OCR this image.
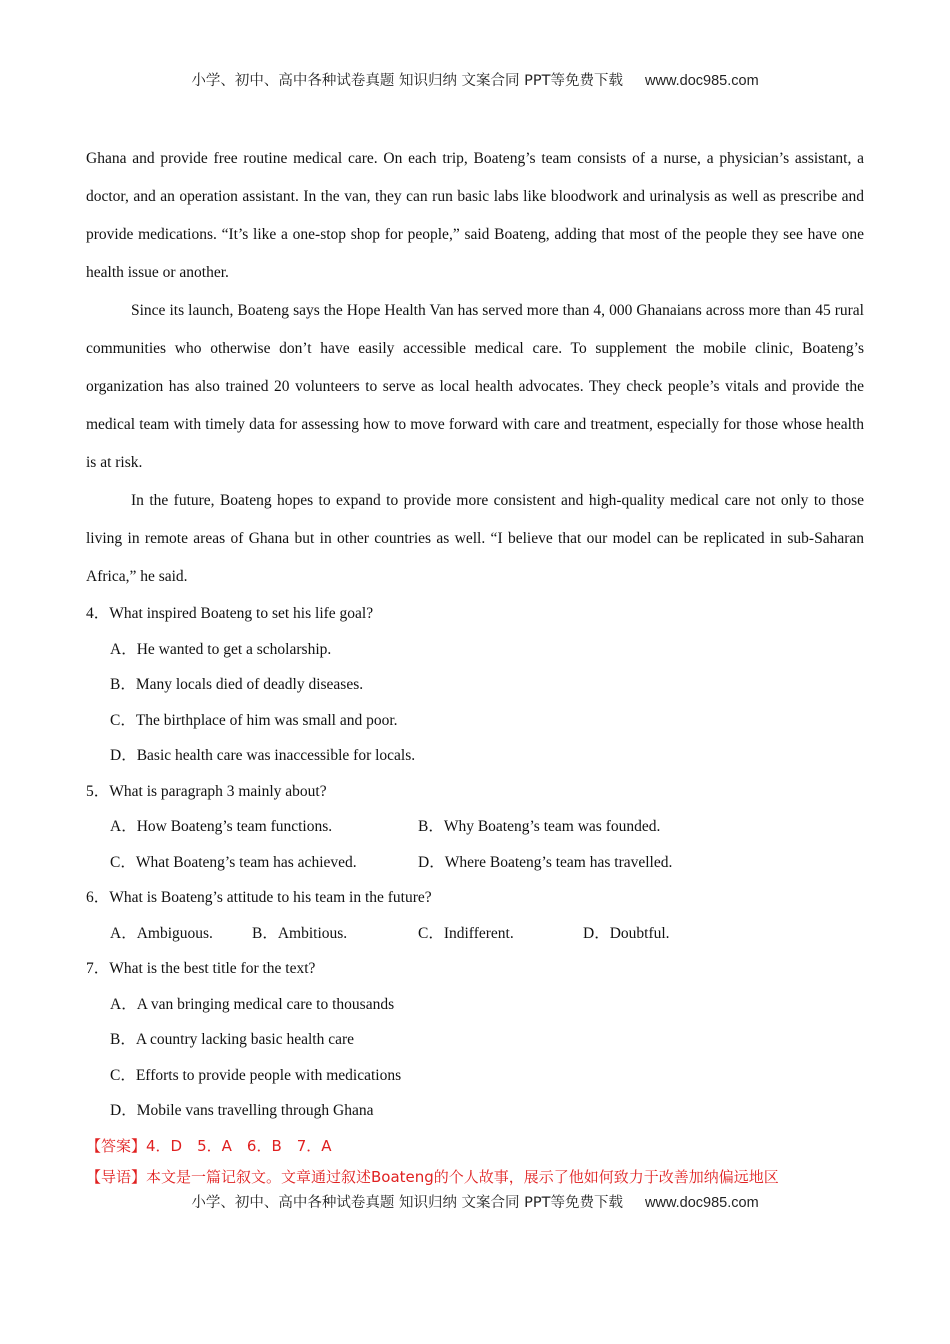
小学、初中、高中各种试卷真题 知识归纳 文案合同 PPT等免费下载 www.doc985.com

Ghana and provide free routine medical care. On each trip, Boateng’s team consists of a nurse, a physician’s assistant, a doctor, and an operation assistant. In the van, they can run basic labs like bloodwork and urinalysis as well as prescribe and provide medications. “It’s like a one-stop shop for people,” said Boateng, adding that most of the people they see have one health issue or another.

Since its launch, Boateng says the Hope Health Van has served more than 4, 000 Ghanaians across more than 45 rural communities who otherwise don’t have easily accessible medical care. To supplement the mobile clinic, Boateng’s organization has also trained 20 volunteers to serve as local health advocates. They check people’s vitals and provide the medical team with timely data for assessing how to move forward with care and treatment, especially for those whose health is at risk.

In the future, Boateng hopes to expand to provide more consistent and high-quality medical care not only to those living in remote areas of Ghana but in other countries as well. “I believe that our model can be replicated in sub-Saharan Africa,” he said.

4．What inspired Boateng to set his life goal?
A．He wanted to get a scholarship.
B．Many locals died of deadly diseases.
C．The birthplace of him was small and poor.
D．Basic health care was inaccessible for locals.
5．What is paragraph 3 mainly about?
A．How Boateng’s team functions.	B．Why Boateng’s team was founded.
C．What Boateng’s team has achieved.	D．Where Boateng’s team has travelled.
6．What is Boateng’s attitude to his team in the future?
A．Ambiguous.	B．Ambitious.	C．Indifferent.	D．Doubtful.
7．What is the best title for the text?
A．A van bringing medical care to thousands
B．A country lacking basic health care
C．Efforts to provide people with medications
D．Mobile vans travelling through Ghana
【答案】4．D　5．A　6．B　7．A
【导语】本文是一篇记叙文。文章通过叙述Boateng的个人故事，展示了他如何致力于改善加纳偏远地区
小学、初中、高中各种试卷真题 知识归纳 文案合同 PPT等免费下载 www.doc985.com
